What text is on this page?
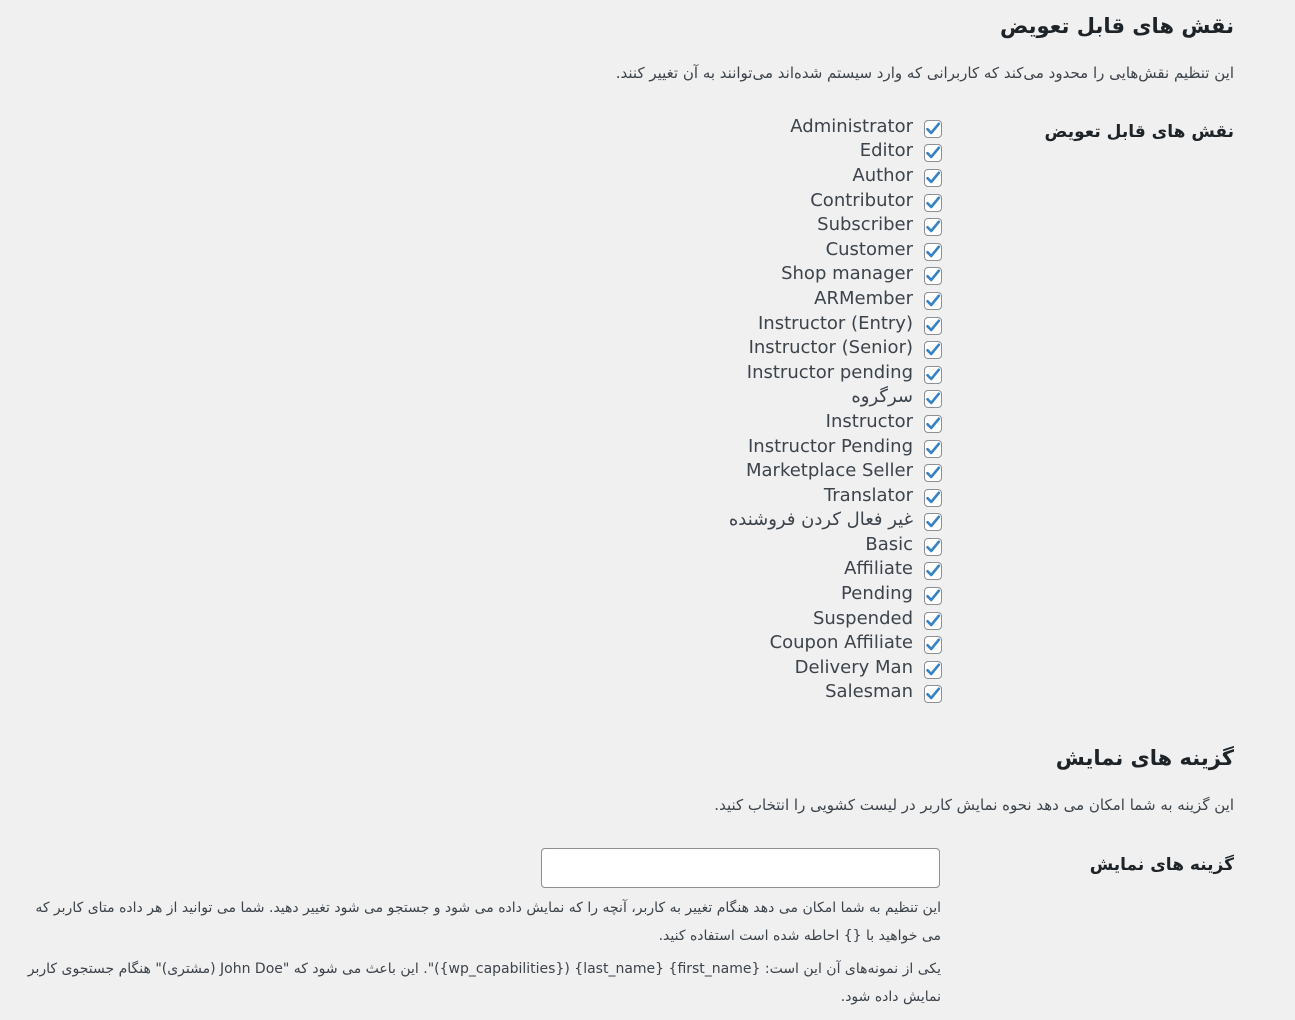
نقش های قابل تعویض

این تنظیم نقش‌هایی را محدود می‌کند که کاربرانی که وارد سیستم شده‌اند می‌توانند به آن تغییر کنند.

نقش های قابل تعویض
Administrator
Editor
Author
Contributor
Subscriber
Customer
Shop manager
ARMember
Instructor (Entry)
Instructor (Senior)
Instructor pending
سرگروه
Instructor
Instructor Pending
Marketplace Seller
Translator
غیر فعال کردن فروشنده
Basic
Affiliate
Pending
Suspended
Coupon Affiliate
Delivery Man
Salesman
گزینه های نمایش

این گزینه به شما امکان می دهد نحوه نمایش کاربر در لیست کشویی را انتخاب کنید.

گزینه های نمایش

این تنظیم به شما امکان می دهد هنگام تغییر به کاربر، آنچه را که نمایش داده می شود و جستجو می شود تغییر دهید. شما می توانید از هر داده متای کاربر که می خواهید با {} احاطه شده است استفاده کنید.

یکی از نمونه‌های آن این است: {first_name} {last_name} ({wp_capabilities})". این باعث می شود که "John Doe (مشتری)" هنگام جستجوی کاربر نمایش داده شود.
